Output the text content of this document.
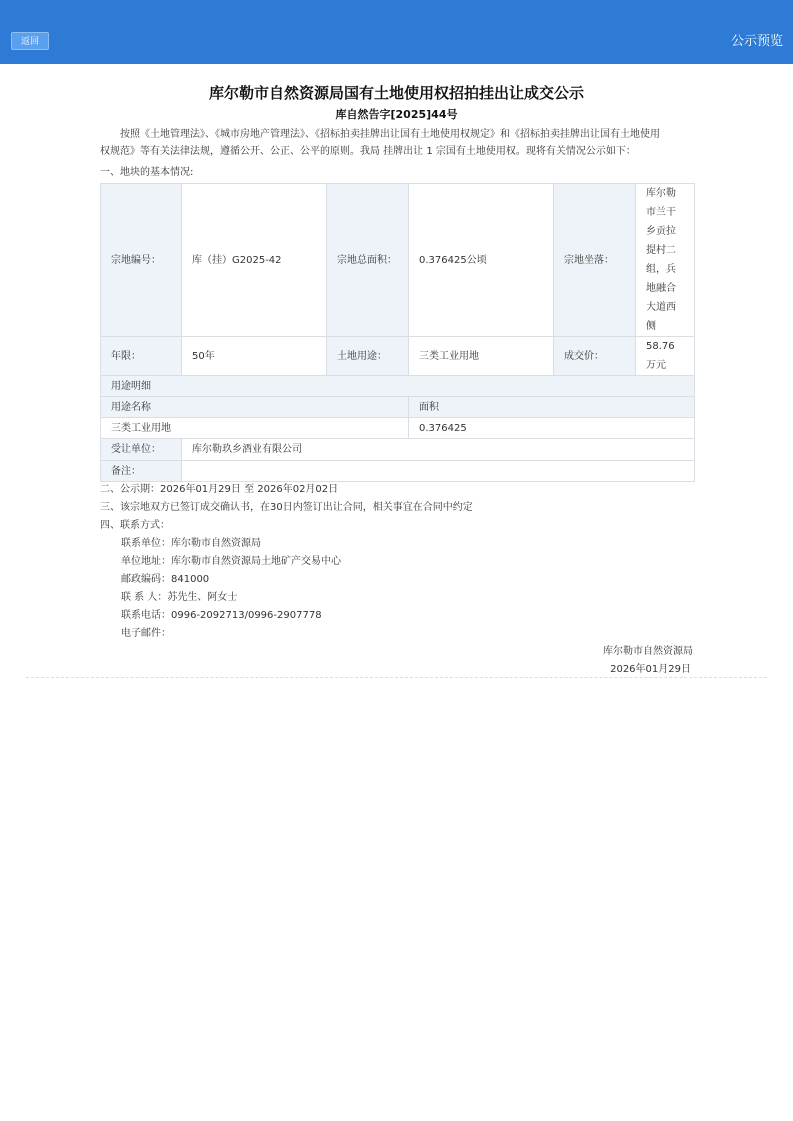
返回	公示预览
库尔勒市自然资源局国有土地使用权招拍挂出让成交公示
库自然告字[2025]44号
按照《土地管理法》、《城市房地产管理法》、《招标拍卖挂牌出让国有土地使用权规定》和《招标拍卖挂牌出让国有土地使用权规范》等有关法律法规，遵循公开、公正、公平的原则。我局 挂牌出让 1 宗国有土地使用权。现将有关情况公示如下：
一、地块的基本情况:
宗地编号：	库（挂）G2025-42	宗地总面积：	0.376425公顷	宗地坐落：	库尔勒市兰干乡贡拉提村二组，兵地融合大道西侧
年限：	50年	土地用途：	三类工业用地	成交价：	58.76万元
用途明细					
用途名称			面积		
三类工业用地			0.376425		
受让单位：	库尔勒玖乡酒业有限公司				
备注：					
二、公示期：2026年01月29日 至 2026年02月02日
三、该宗地双方已签订成交确认书，在30日内签订出让合同，相关事宜在合同中约定
四、联系方式：
联系单位：库尔勒市自然资源局
单位地址：库尔勒市自然资源局土地矿产交易中心
邮政编码：841000
联 系 人：苏先生、阿女士
联系电话：0996-2092713/0996-2907778
电子邮件：
库尔勒市自然资源局
2026年01月29日
